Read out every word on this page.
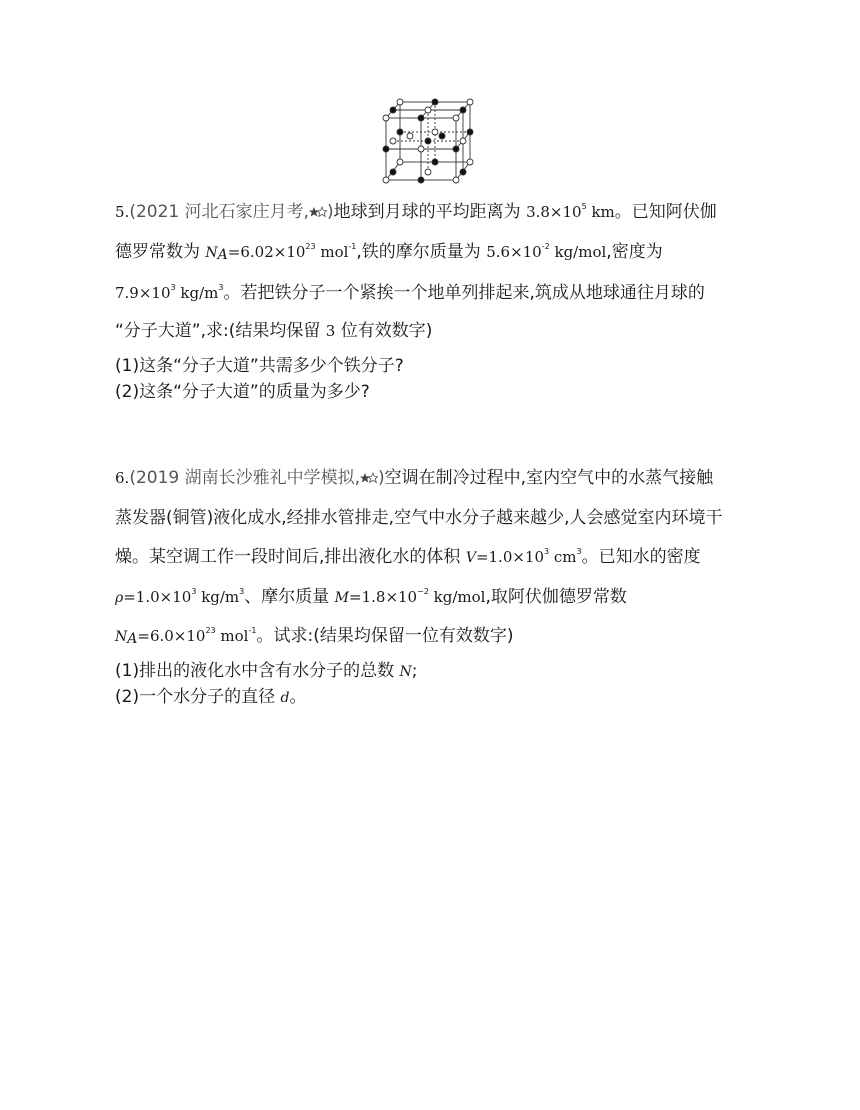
5.(2021 河北石家庄月考, )地球到月球的平均距离为 $3.8\times 10^5$ km。已知阿伏伽
德罗常数为 $N_A=6.02\times 10^{23}$ mol$^{-1}$,铁的摩尔质量为 $5.6\times 10^{-2}$ kg/mol,密度为
$7.9\times 10^3$ $kg/m^3$。若把铁分子一个紧挨一个地单列排起来,筑成从地球通往月球的
“分子大道”,求:(结果均保留 3 位有效数字)
(1)这条“分子大道”共需多少个铁分子?
(2)这条“分子大道”的质量为多少?
6.(2019 湖南长沙雅礼中学模拟, )空调在制冷过程中,室内空气中的水蒸气接触
蒸发器(铜管)液化成水,经排水管排走,空气中水分子越来越少,人会感觉室内环境干
燥。某空调工作一段时间后,排出液化水的体积 $V=1.0\times 10^3$ $cm^3$。已知水的密度
$\rho=1.0\times 10^3$ $kg/m^3$、摩尔质量 $M=1.8\times 10^{-2}$ kg/mol,取阿伏伽德罗常数
$N_A=6.0\times 10^{23}$ mol$^{-1}$。试求:(结果均保留一位有效数字)
(1)排出的液化水中含有水分子的总数 N;
(2)一个水分子的直径 d。
